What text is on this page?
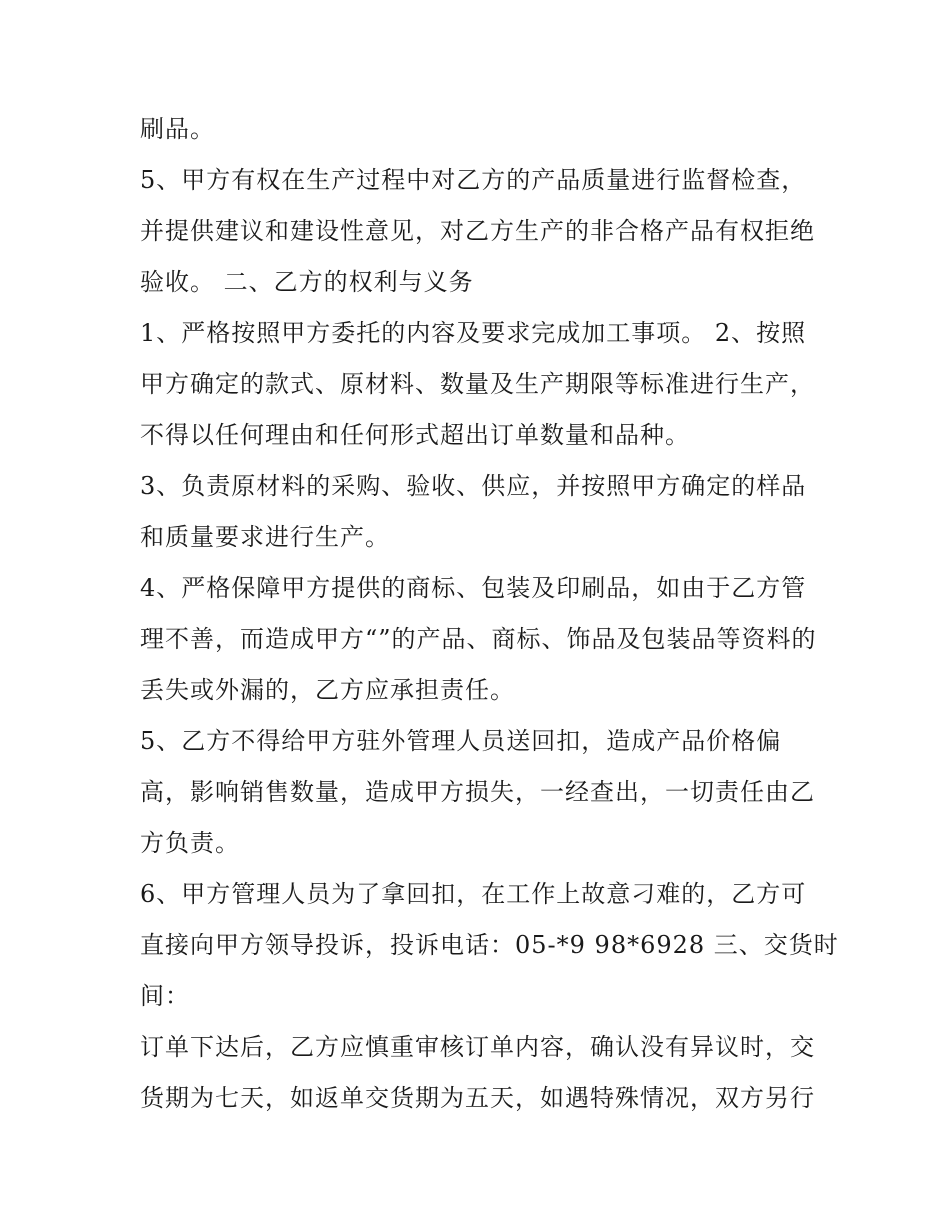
刷品。
5、甲方有权在生产过程中对乙方的产品质量进行监督检查，
并提供建议和建设性意见，对乙方生产的非合格产品有权拒绝
验收。 二、乙方的权利与义务
1、严格按照甲方委托的内容及要求完成加工事项。 2、按照
甲方确定的款式、原材料、数量及生产期限等标准进行生产，
不得以任何理由和任何形式超出订单数量和品种。
3、负责原材料的采购、验收、供应，并按照甲方确定的样品
和质量要求进行生产。
4、严格保障甲方提供的商标、包装及印刷品，如由于乙方管
理不善，而造成甲方“”的产品、商标、饰品及包装品等资料的
丢失或外漏的，乙方应承担责任。
5、乙方不得给甲方驻外管理人员送回扣，造成产品价格偏
高，影响销售数量，造成甲方损失，一经查出，一切责任由乙
方负责。
6、甲方管理人员为了拿回扣，在工作上故意刁难的，乙方可
直接向甲方领导投诉，投诉电话：05-*9 98*6928 三、交货时
间：
订单下达后，乙方应慎重审核订单内容，确认没有异议时，交
货期为七天，如返单交货期为五天，如遇特殊情况，双方另行
